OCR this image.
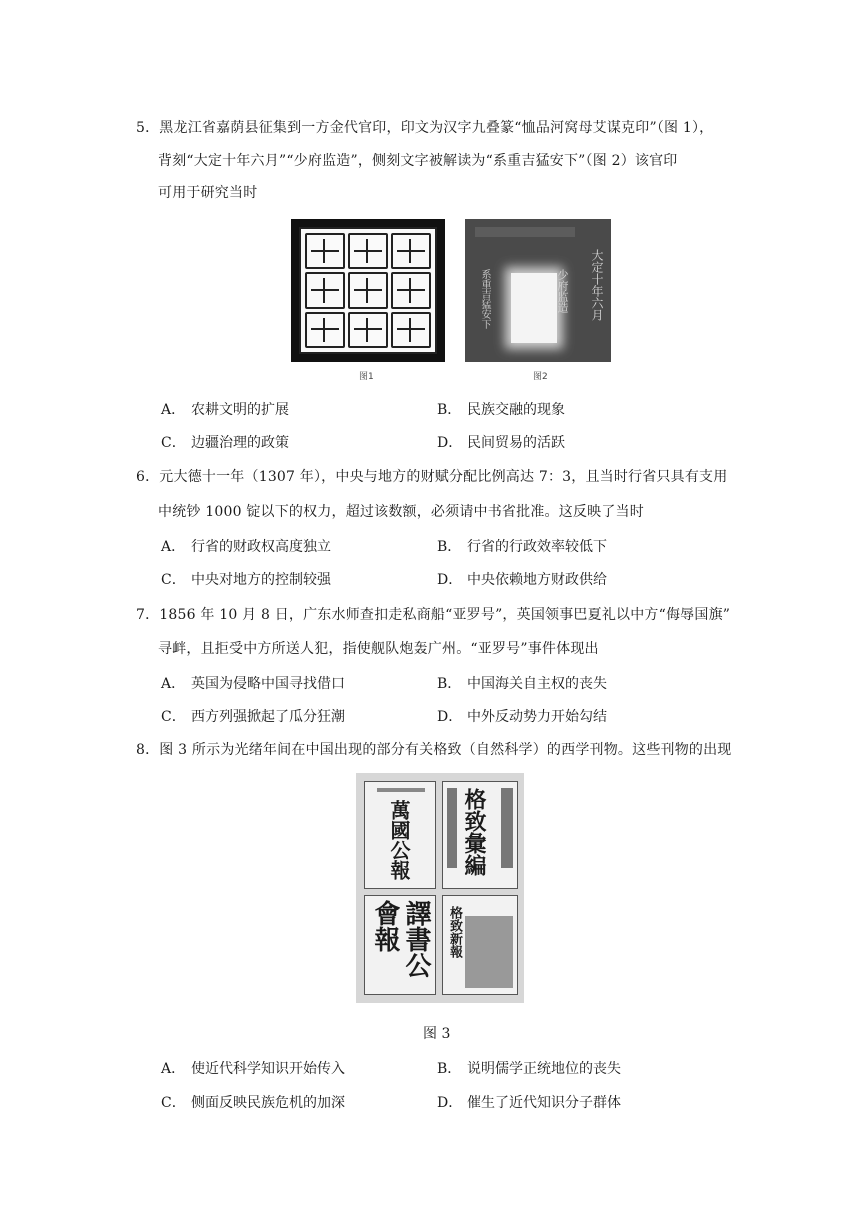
5．黑龙江省嘉荫县征集到一方金代官印，印文为汉字九叠篆“恤品河窝母艾谋克印”（图 1），
背刻“大定十年六月”“少府监造”，侧刻文字被解读为“系重吉猛安下”（图 2）该官印
可用于研究当时
图1
大定十年六月
少府监造
系重吉猛安下
图2
A． 农耕文明的扩展	B． 民族交融的现象
C． 边疆治理的政策	D． 民间贸易的活跃
6．元大德十一年（1307 年），中央与地方的财赋分配比例高达 7：3，且当时行省只具有支用
中统钞 1000 锭以下的权力，超过该数额，必须请中书省批准。这反映了当时
A． 行省的财政权高度独立	B． 行省的行政效率较低下
C． 中央对地方的控制较强	D． 中央依赖地方财政供给
7．1856 年 10 月 8 日，广东水师查扣走私商船“亚罗号”，英国领事巴夏礼以中方“侮辱国旗”
寻衅，且拒受中方所送人犯，指使舰队炮轰广州。“亚罗号”事件体现出
A． 英国为侵略中国寻找借口	B． 中国海关自主权的丧失
C． 西方列强掀起了瓜分狂潮	D． 中外反动势力开始勾结
8．图 3 所示为光绪年间在中国出现的部分有关格致（自然科学）的西学刊物。这些刊物的出现
萬國公報 格致彙編
譯書公會報	格致新報
图 3
A． 使近代科学知识开始传入	B． 说明儒学正统地位的丧失
C． 侧面反映民族危机的加深	D． 催生了近代知识分子群体
